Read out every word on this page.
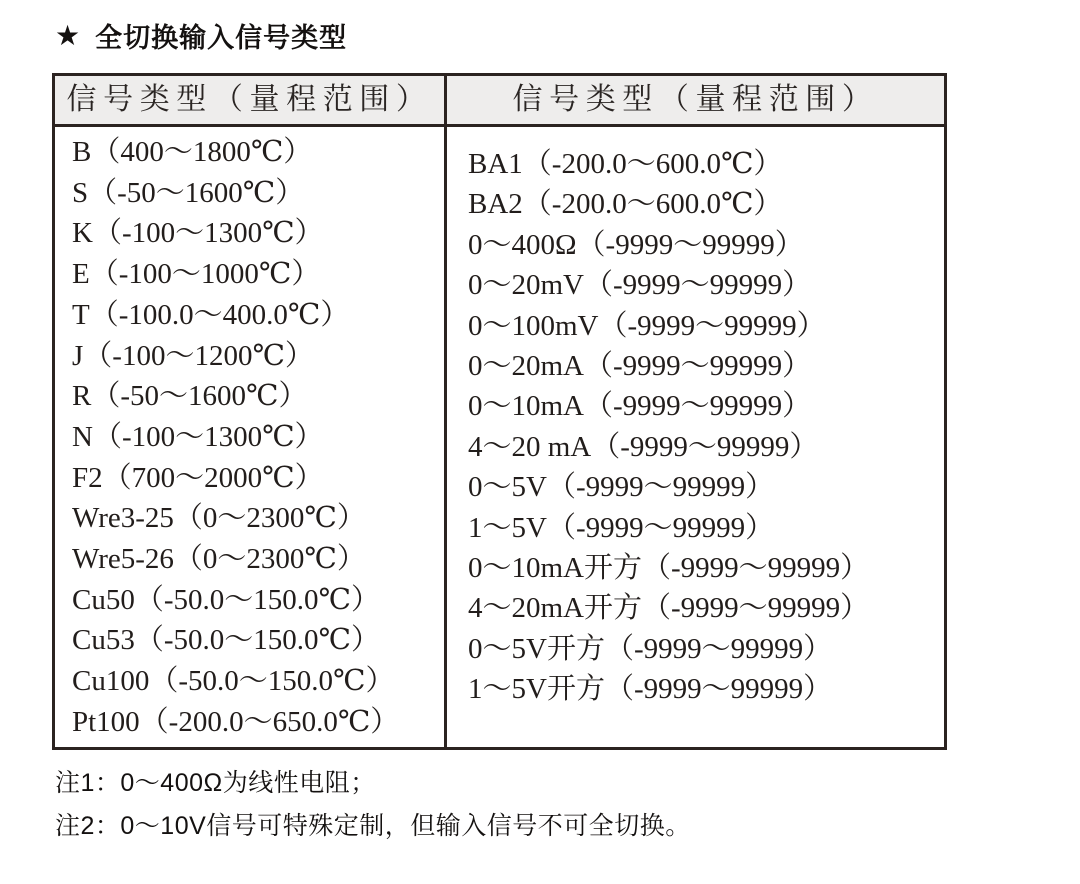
★ 全切换输入信号类型
信号类型（量程范围）	信号类型（量程范围）
B（400～1800℃）
S（-50～1600℃）
K（-100～1300℃）
E（-100～1000℃）
T（-100.0～400.0℃）
J（-100～1200℃）
R（-50～1600℃）
N（-100～1300℃）
F2（700～2000℃）
Wre3-25（0～2300℃）
Wre5-26（0～2300℃）
Cu50（-50.0～150.0℃）
Cu53（-50.0～150.0℃）
Cu100（-50.0～150.0℃）
Pt100（-200.0～650.0℃）
BA1（-200.0～600.0℃）
BA2（-200.0～600.0℃）
0～400Ω（-9999～99999）
0～20mV（-9999～99999）
0～100mV（-9999～99999）
0～20mA（-9999～99999）
0～10mA（-9999～99999）
4～20 mA（-9999～99999）
0～5V（-9999～99999）
1～5V（-9999～99999）
0～10mA开方（-9999～99999）
4～20mA开方（-9999～99999）
0～5V开方（-9999～99999）
1～5V开方（-9999～99999）
注1：0～400Ω为线性电阻；
注2：0～10V信号可特殊定制，但输入信号不可全切换。
